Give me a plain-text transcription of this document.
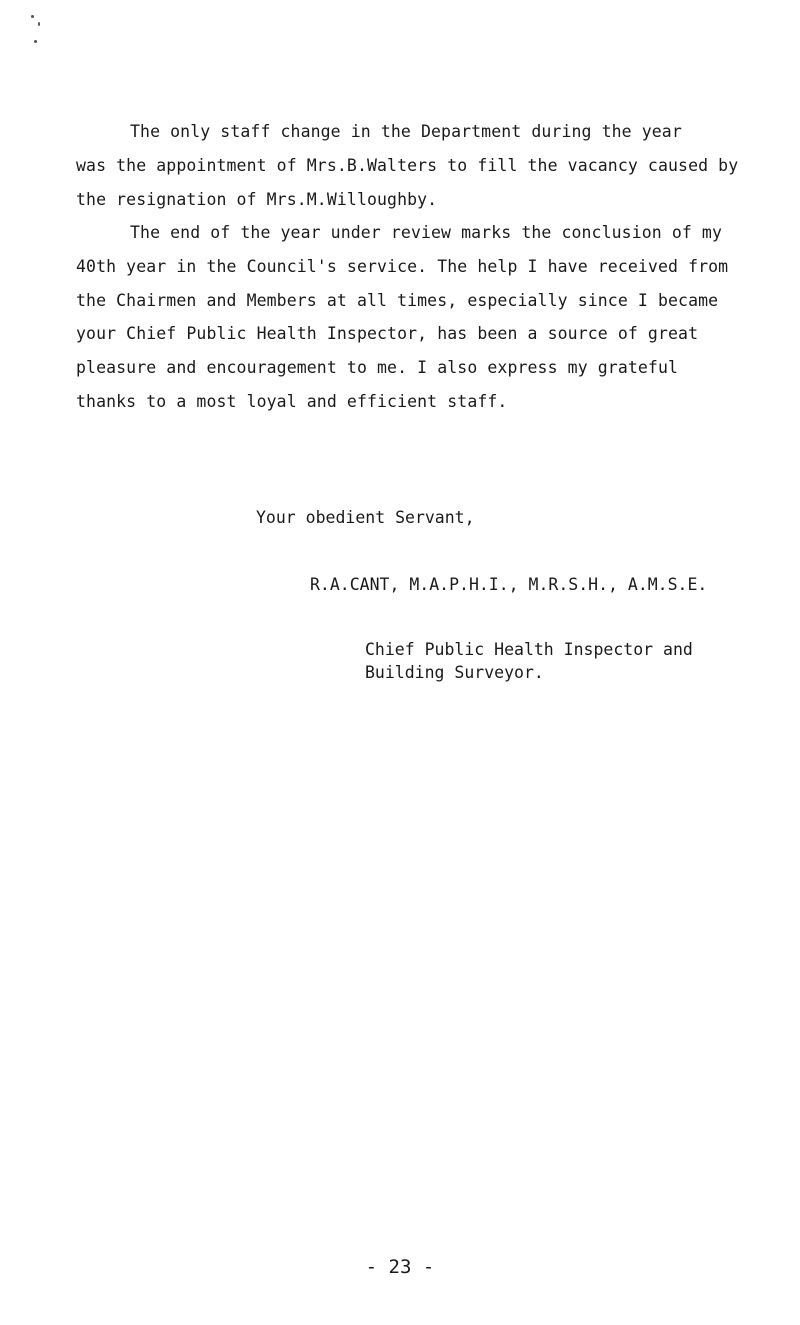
The only staff change in the Department during the year
was the appointment of Mrs.B.Walters to fill the vacancy caused by
the resignation of Mrs.M.Willoughby.
The end of the year under review marks the conclusion of my
40th year in the Council's service. The help I have received from
the Chairmen and Members at all times, especially since I became
your Chief Public Health Inspector, has been a source of great
pleasure and encouragement to me. I also express my grateful
thanks to a most loyal and efficient staff.
Your obedient Servant,
R.A.CANT, M.A.P.H.I., M.R.S.H., A.M.S.E.
Chief Public Health Inspector and
Building Surveyor.
- 23 -
